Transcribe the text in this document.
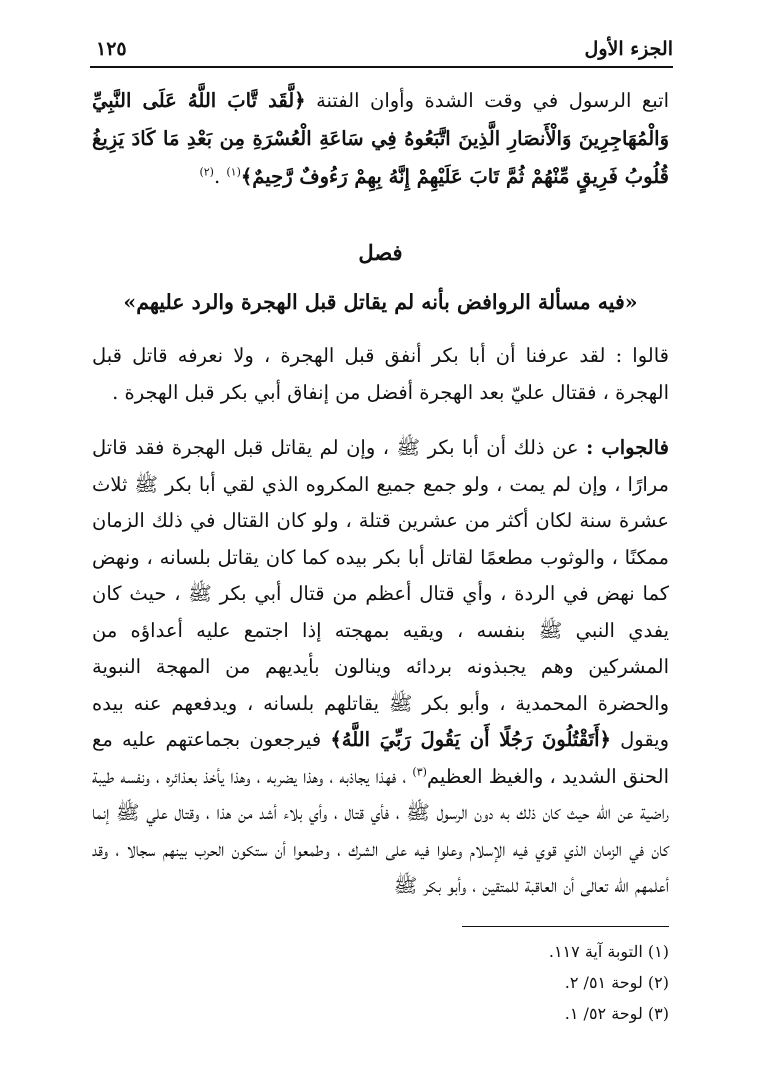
الجزء الأول
١٢٥
اتبع الرسول في وقت الشدة وأوان الفتنة ﴿لَّقَد تَّابَ اللَّهُ عَلَى النَّبِيِّ وَالْمُهَاجِرِينَ وَالْأَنصَارِ الَّذِينَ اتَّبَعُوهُ فِي سَاعَةِ الْعُسْرَةِ مِن بَعْدِ مَا كَادَ يَزِيغُ قُلُوبُ فَرِيقٍ مِّنْهُمْ ثُمَّ تَابَ عَلَيْهِمْ إِنَّهُ بِهِمْ رَءُوفٌ رَّحِيمٌ﴾$^{(١)}$ .$^{(٢)}$
فصل
«فيه مسألة الروافض بأنه لم يقاتل قبل الهجرة والرد عليهم»
قالوا : لقد عرفنا أن أبا بكر أنفق قبل الهجرة ، ولا نعرفه قاتل قبل الهجرة ، فقتال عليّ بعد الهجرة أفضل من إنفاق أبي بكر قبل الهجرة .
فالجواب : عن ذلك أن أبا بكر ﷺ ، وإن لم يقاتل قبل الهجرة فقد قاتل مرارًا ، وإن لم يمت ، ولو جمع جميع المكروه الذي لقي أبا بكر ﷺ ثلاث عشرة سنة لكان أكثر من عشرين قتلة ، ولو كان القتال في ذلك الزمان ممكنًا ، والوثوب مطعمًا لقاتل أبا بكر بيده كما كان يقاتل بلسانه ، ونهض كما نهض في الردة ، وأي قتال أعظم من قتال أبي بكر ﷺ ، حيث كان يفدي النبي ﷺ بنفسه ، ويقيه بمهجته إذا اجتمع عليه أعداؤه من المشركين وهم يجبذونه بردائه وينالون بأيديهم من المهجة النبوية والحضرة المحمدية ، وأبو بكر ﷺ يقاتلهم بلسانه ، ويدفعهم عنه بيده ويقول ﴿أَتَقْتُلُونَ رَجُلًا أَن يَقُولَ رَبِّيَ اللَّهُ﴾ فيرجعون بجماعتهم عليه مع الحنق الشديد ، والغيظ العظيم$^{(٣)}$ ، فهذا يجاذبه ، وهذا يضربه ، وهذا يأخذ بعذائره ، ونفسه طيبة راضية عن الله حيث كان ذلك به دون الرسول ﷺ ، فأي قتال ، وأي بلاء أشد من هذا ، وقتال علي ﷺ إنما كان في الزمان الذي قوي فيه الإسلام وعلوا فيه على الشرك ، وطمعوا أن ستكون الحرب بينهم سجالا ، وقد أعلمهم الله تعالى أن العاقبة للمتقين ، وأبو بكر ﷺ
(١) التوبة آية ١١٧.
(٢) لوحة ٥١/ ٢.
(٣) لوحة ٥٢/ ١.
